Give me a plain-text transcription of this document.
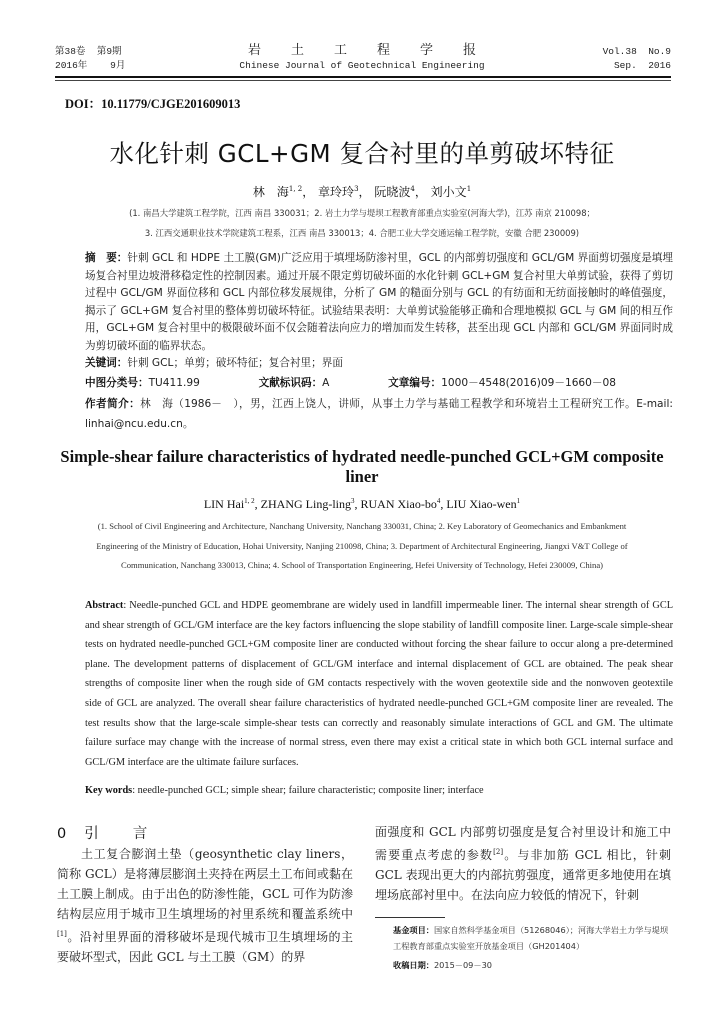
第38卷 第9期
2016年 9月
岩土工程学报
Chinese Journal of Geotechnical Engineering
Vol.38 No.9
Sep. 2016
DOI：10.11779/CJGE201609013
水化针刺 GCL+GM 复合衬里的单剪破坏特征
林　海$^{1, 2}$， 章玲玲$^3$， 阮晓波$^4$， 刘小文$^1$
(1. 南昌大学建筑工程学院，江西 南昌 330031；2. 岩土力学与堤坝工程教育部重点实验室(河海大学)，江苏 南京 210098；
3. 江西交通职业技术学院建筑工程系，江西 南昌 330013；4. 合肥工业大学交通运输工程学院，安徽 合肥 230009)
摘　要：针刺 GCL 和 HDPE 土工膜(GM)广泛应用于填埋场防渗衬里，GCL 的内部剪切强度和 GCL/GM 界面剪切强度是填埋场复合衬里边坡滑移稳定性的控制因素。通过开展不限定剪切破坏面的水化针刺 GCL+GM 复合衬里大单剪试验，获得了剪切过程中 GCL/GM 界面位移和 GCL 内部位移发展规律，分析了 GM 的糙面分别与 GCL 的有纺面和无纺面接触时的峰值强度，揭示了 GCL+GM 复合衬里的整体剪切破坏特征。试验结果表明：大单剪试验能够正确和合理地模拟 GCL 与 GM 间的相互作用，GCL+GM 复合衬里中的极限破坏面不仅会随着法向应力的增加而发生转移，甚至出现 GCL 内部和 GCL/GM 界面同时成为剪切破坏面的临界状态。
关键词：针刺 GCL；单剪；破坏特征；复合衬里；界面
中图分类号：TU411.99	文献标识码：A	文章编号：1000－4548(2016)09－1660－08
作者简介：林　海（1986－　），男，江西上饶人，讲师，从事土力学与基础工程教学和环境岩土工程研究工作。E-mail: linhai@ncu.edu.cn。
Simple-shear failure characteristics of hydrated needle-punched GCL+GM composite liner
LIN Hai$^{1, 2}$, ZHANG Ling-ling$^3$, RUAN Xiao-$bo^4$, LIU Xiao-wen$^1$
(1. School of Civil Engineering and Architecture, Nanchang University, Nanchang 330031, China; 2. Key Laboratory of Geomechanics and Embankment Engineering of the Ministry of Education, Hohai University, Nanjing 210098, China; 3. Department of Architectural Engineering, Jiangxi V&T College of Communication, Nanchang 330013, China; 4. School of Transportation Engineering, Hefei University of Technology, Hefei 230009, China)
Abstract: Needle-punched GCL and HDPE geomembrane are widely used in landfill impermeable liner. The internal shear strength of GCL and shear strength of GCL/GM interface are the key factors influencing the slope stability of landfill composite liner. Large-scale simple-shear tests on hydrated needle-punched GCL+GM composite liner are conducted without forcing the shear failure to occur along a pre-determined plane. The development patterns of displacement of GCL/GM interface and internal displacement of GCL are obtained. The peak shear strengths of composite liner when the rough side of GM contacts respectively with the woven geotextile side and the nonwoven geotextile side of GCL are analyzed. The overall shear failure characteristics of hydrated needle-punched GCL+GM composite liner are revealed. The test results show that the large-scale simple-shear tests can correctly and reasonably simulate interactions of GCL and GM. The ultimate failure surface may change with the increase of normal stress, even there may exist a critical state in which both GCL internal surface and GCL/GM interface are the ultimate failure surfaces.
Key words: needle-punched GCL; simple shear; failure characteristic; composite liner; interface
0 引言
土工复合膨润土垫（geosynthetic clay liners，简称 GCL）是将薄层膨润土夹持在两层土工布间或黏在土工膜上制成。由于出色的防渗性能，GCL 可作为防渗结构层应用于城市卫生填埋场的衬里系统和覆盖系统中[1]。沿衬里界面的滑移破坏是现代城市卫生填埋场的主要破坏型式，因此 GCL 与土工膜（GM）的界
面强度和 GCL 内部剪切强度是复合衬里设计和施工中需要重点考虑的参数[2]。与非加筋 GCL 相比，针刺 GCL 表现出更大的内部抗剪强度，通常更多地使用在填埋场底部衬里中。在法向应力较低的情况下，针刺
基金项目：国家自然科学基金项目（51268046）；河海大学岩土力学与堤坝工程教育部重点实验室开放基金项目（GH201404）
收稿日期：2015－09－30
